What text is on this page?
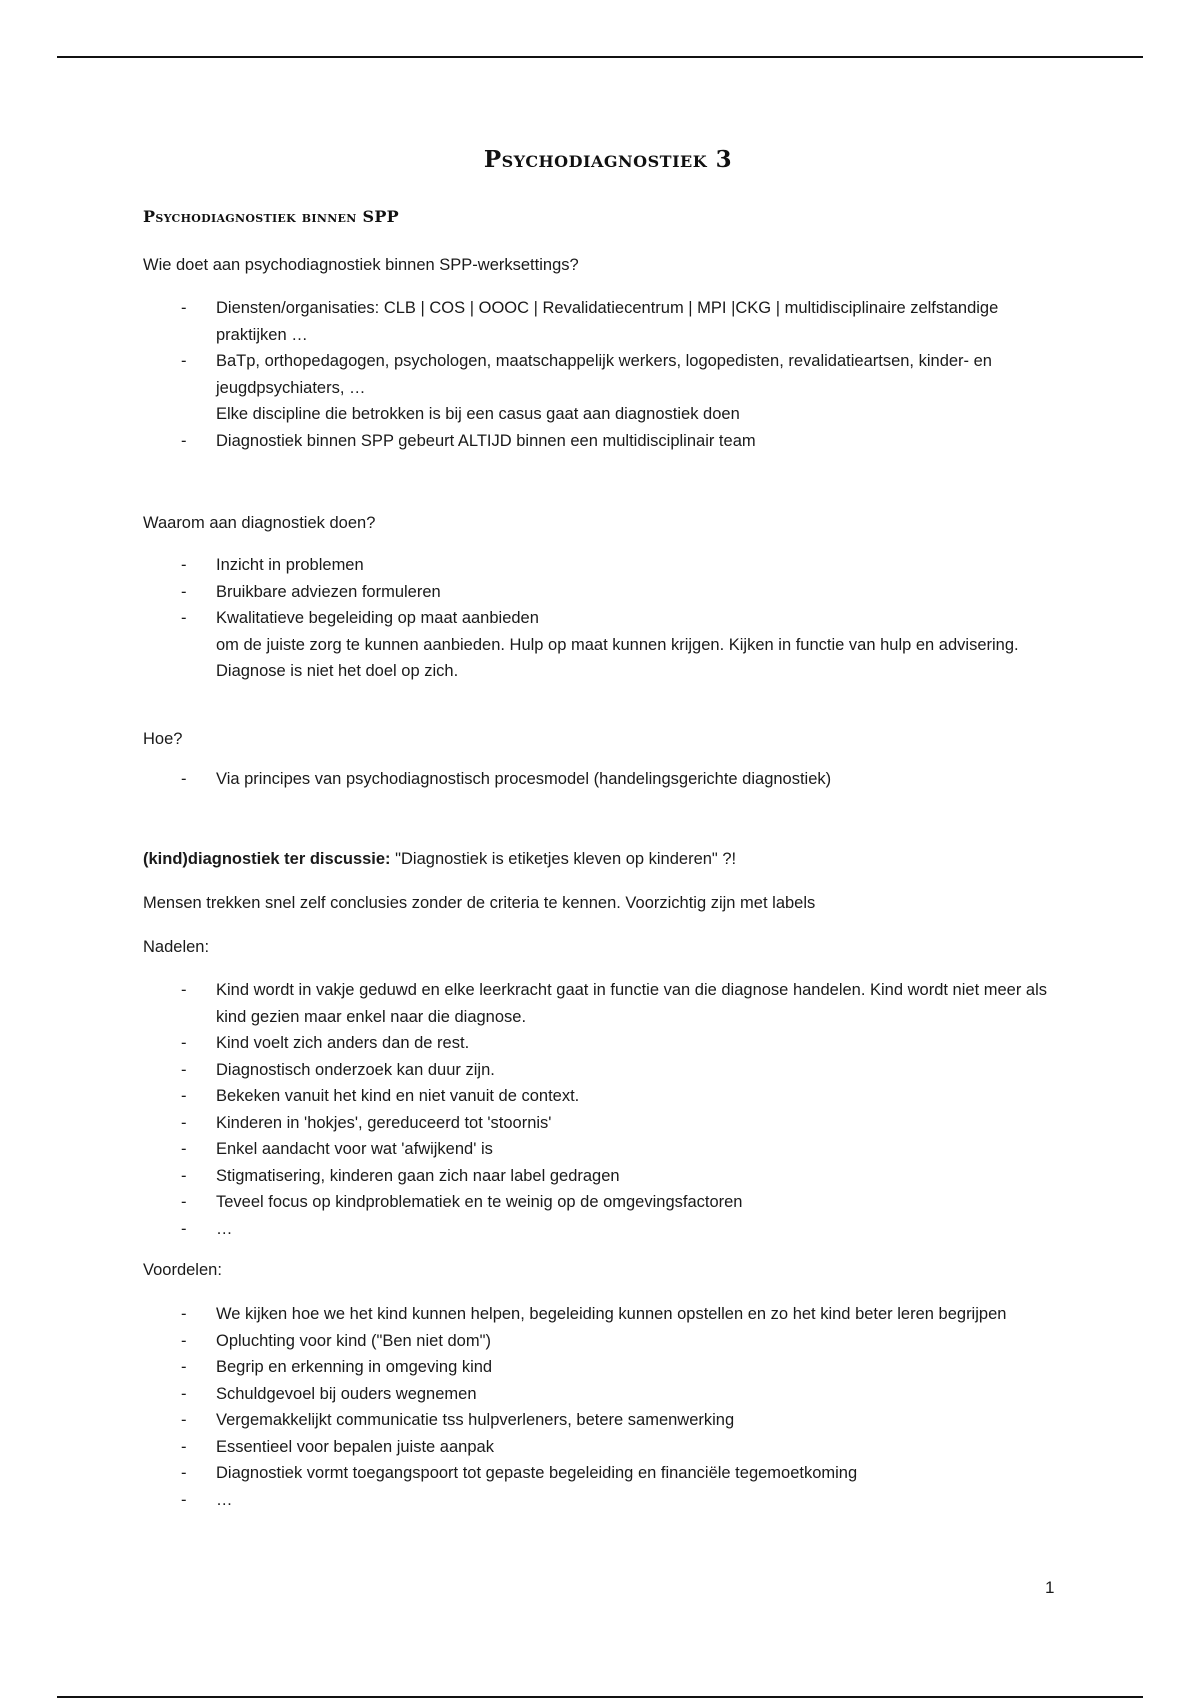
Psychodiagnostiek 3
Psychodiagnostiek binnen SPP

Wie doet aan psychodiagnostiek binnen SPP-werksettings?

- Diensten/organisaties: CLB | COS | OOOC | Revalidatiecentrum | MPI |CKG | multidisciplinaire zelfstandige praktijken …
- BaTp, orthopedagogen, psychologen, maatschappelijk werkers, logopedisten, revalidatieartsen, kinder- en jeugdpsychiaters, …
Elke discipline die betrokken is bij een casus gaat aan diagnostiek doen
- Diagnostiek binnen SPP gebeurt ALTIJD binnen een multidisciplinair team

Waarom aan diagnostiek doen?

- Inzicht in problemen
- Bruikbare adviezen formuleren
- Kwalitatieve begeleiding op maat aanbieden
om de juiste zorg te kunnen aanbieden. Hulp op maat kunnen krijgen. Kijken in functie van hulp en advisering. Diagnose is niet het doel op zich.

Hoe?

- Via principes van psychodiagnostisch procesmodel (handelingsgerichte diagnostiek)

(kind)diagnostiek ter discussie: "Diagnostiek is etiketjes kleven op kinderen" ?!

Mensen trekken snel zelf conclusies zonder de criteria te kennen. Voorzichtig zijn met labels

Nadelen:

- Kind wordt in vakje geduwd en elke leerkracht gaat in functie van die diagnose handelen. Kind wordt niet meer als kind gezien maar enkel naar die diagnose.
- Kind voelt zich anders dan de rest.
- Diagnostisch onderzoek kan duur zijn.
- Bekeken vanuit het kind en niet vanuit de context.
- Kinderen in 'hokjes', gereduceerd tot 'stoornis'
- Enkel aandacht voor wat 'afwijkend' is
- Stigmatisering, kinderen gaan zich naar label gedragen
- Teveel focus op kindproblematiek en te weinig op de omgevingsfactoren
- …

Voordelen:

- We kijken hoe we het kind kunnen helpen, begeleiding kunnen opstellen en zo het kind beter leren begrijpen
- Opluchting voor kind ("Ben niet dom")
- Begrip en erkenning in omgeving kind
- Schuldgevoel bij ouders wegnemen
- Vergemakkelijkt communicatie tss hulpverleners, betere samenwerking
- Essentieel voor bepalen juiste aanpak
- Diagnostiek vormt toegangspoort tot gepaste begeleiding en financiële tegemoetkoming
- …
1
